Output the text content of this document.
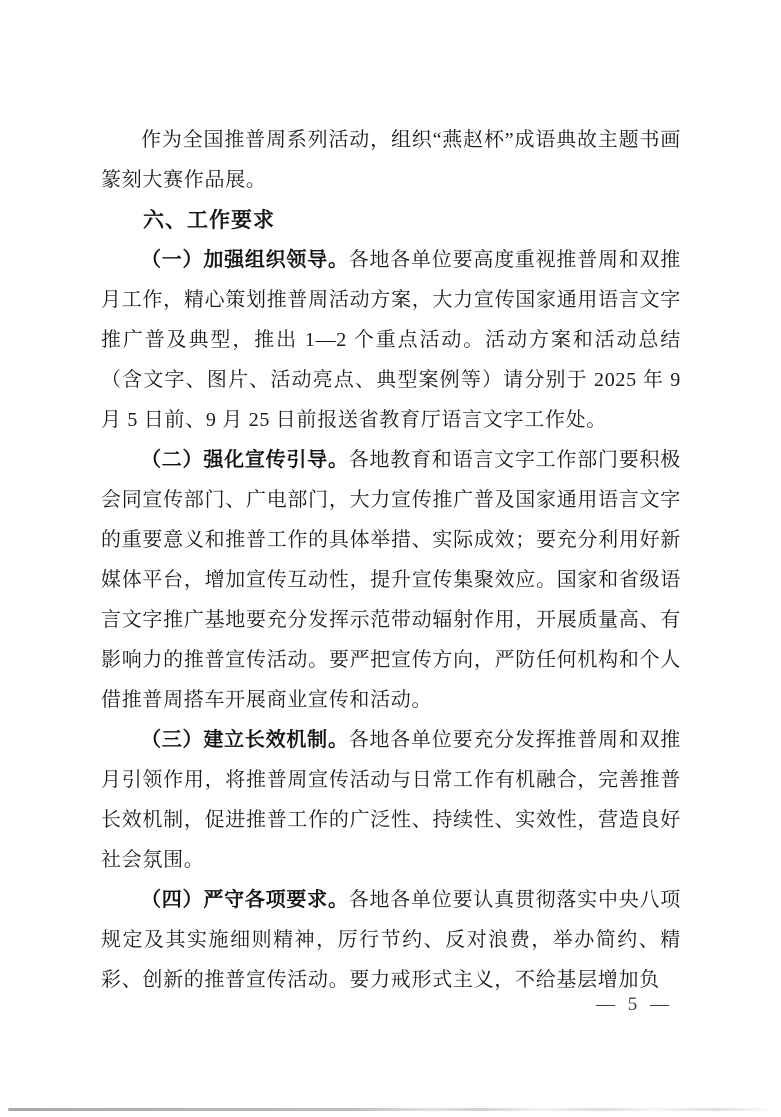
作为全国推普周系列活动，组织“燕赵杯”成语典故主题书画篆刻大赛作品展。

六、工作要求

（一）加强组织领导。各地各单位要高度重视推普周和双推月工作，精心策划推普周活动方案，大力宣传国家通用语言文字推广普及典型，推出 1—2 个重点活动。活动方案和活动总结（含文字、图片、活动亮点、典型案例等）请分别于 2025 年 9 月 5 日前、9 月 25 日前报送省教育厅语言文字工作处。

（二）强化宣传引导。各地教育和语言文字工作部门要积极会同宣传部门、广电部门，大力宣传推广普及国家通用语言文字的重要意义和推普工作的具体举措、实际成效；要充分利用好新媒体平台，增加宣传互动性，提升宣传集聚效应。国家和省级语言文字推广基地要充分发挥示范带动辐射作用，开展质量高、有影响力的推普宣传活动。要严把宣传方向，严防任何机构和个人借推普周搭车开展商业宣传和活动。

（三）建立长效机制。各地各单位要充分发挥推普周和双推月引领作用，将推普周宣传活动与日常工作有机融合，完善推普长效机制，促进推普工作的广泛性、持续性、实效性，营造良好社会氛围。

（四）严守各项要求。各地各单位要认真贯彻落实中央八项规定及其实施细则精神，厉行节约、反对浪费，举办简约、精彩、创新的推普宣传活动。要力戒形式主义，不给基层增加负

— 5 —
